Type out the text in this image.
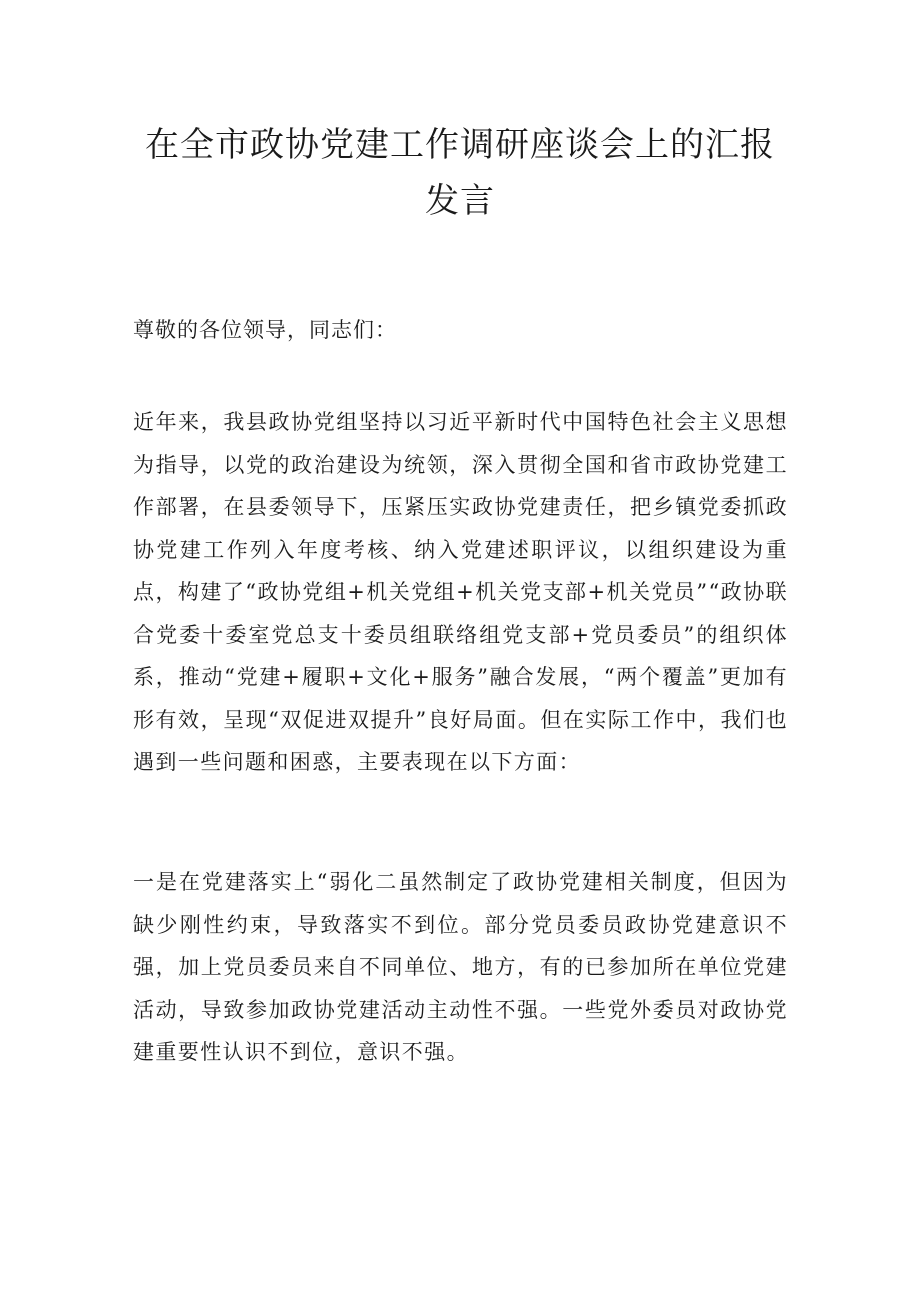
在全市政协党建工作调研座谈会上的汇报
发言

尊敬的各位领导，同志们：

近年来，我县政协党组坚持以习近平新时代中国特色社会主义思想为指导，以党的政治建设为统领，深入贯彻全国和省市政协党建工作部署，在县委领导下，压紧压实政协党建责任，把乡镇党委抓政协党建工作列入年度考核、纳入党建述职评议，以组织建设为重点，构建了“政协党组+机关党组+机关党支部+机关党员”“政协联合党委十委室党总支十委员组联络组党支部+党员委员”的组织体系，推动“党建+履职+文化+服务”融合发展，“两个覆盖”更加有形有效，呈现“双促进双提升”良好局面。但在实际工作中，我们也遇到一些问题和困惑，主要表现在以下方面：

一是在党建落实上“弱化二虽然制定了政协党建相关制度，但因为缺少刚性约束，导致落实不到位。部分党员委员政协党建意识不强，加上党员委员来自不同单位、地方，有的已参加所在单位党建活动，导致参加政协党建活动主动性不强。一些党外委员对政协党建重要性认识不到位，意识不强。
